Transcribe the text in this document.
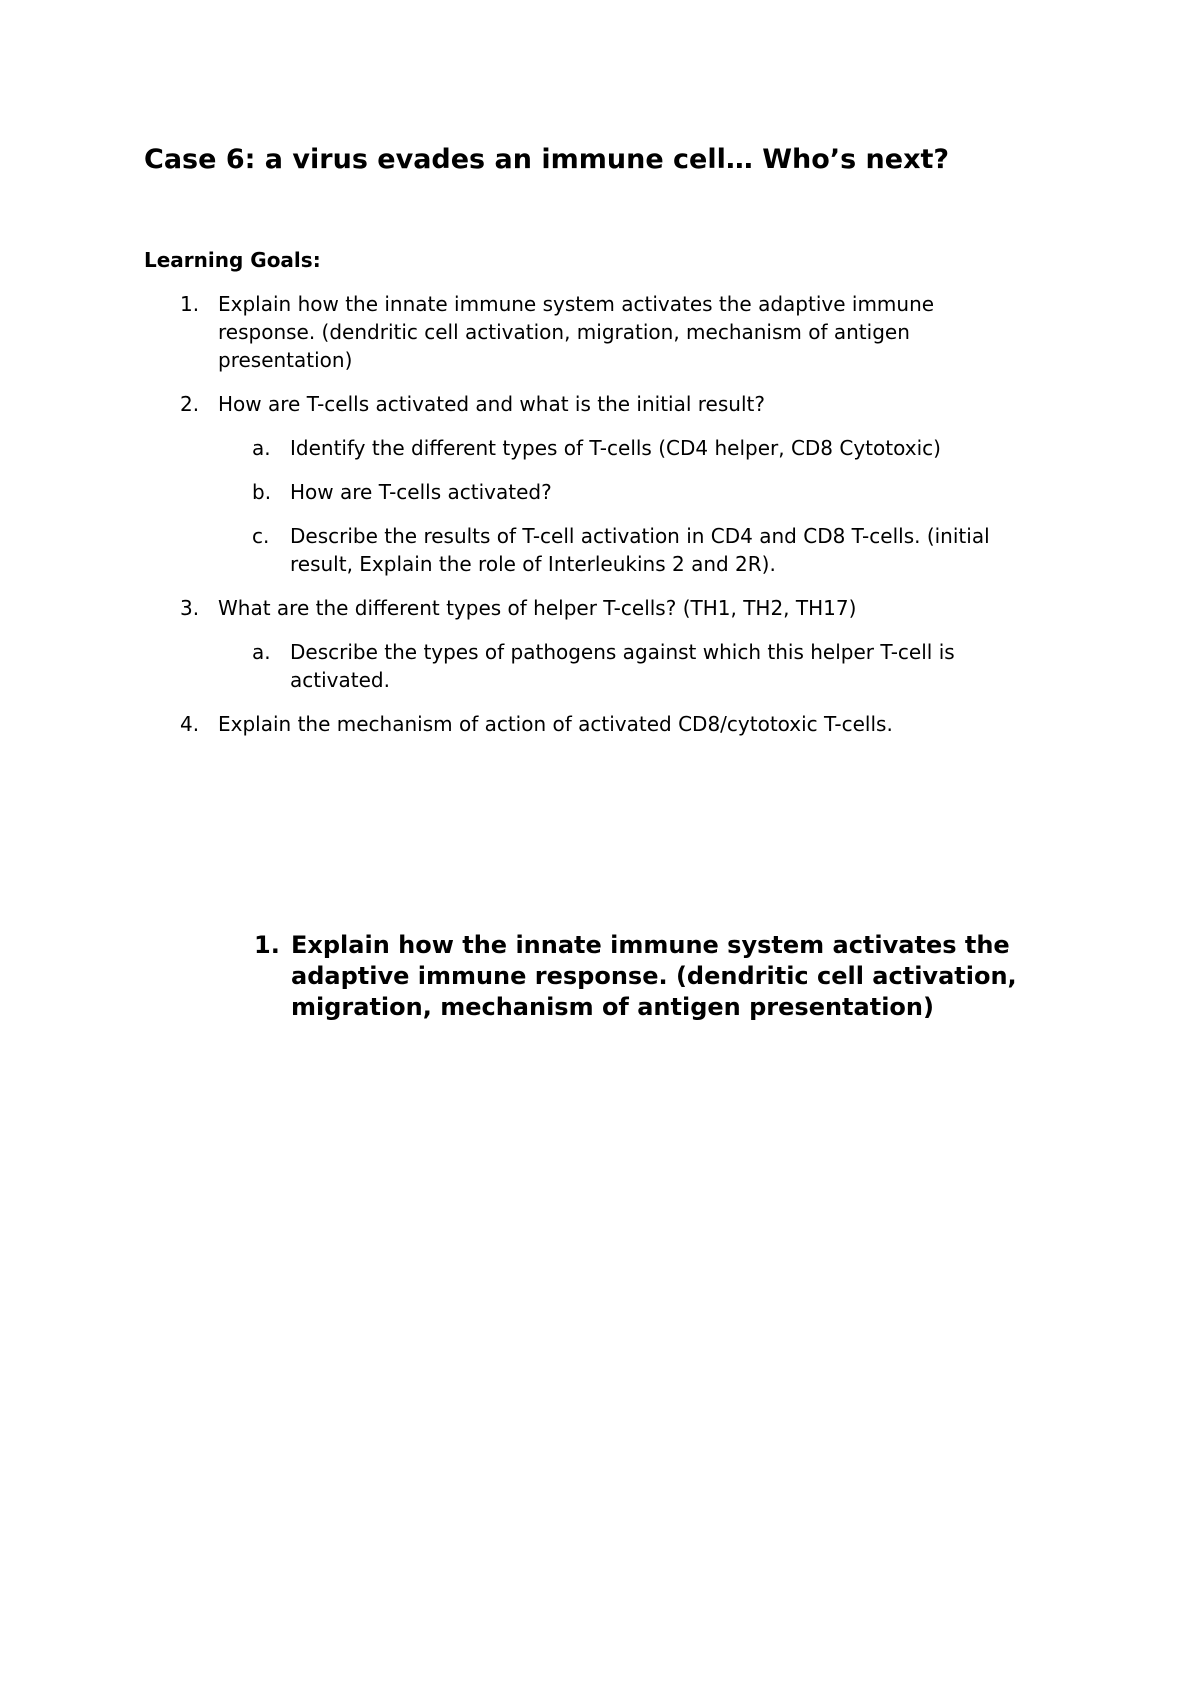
Case 6: a virus evades an immune cell… Who’s next?
Learning Goals:
1. Explain how the innate immune system activates the adaptive immune response. (dendritic cell activation, migration, mechanism of antigen presentation)
2. How are T-cells activated and what is the initial result?
a. Identify the different types of T-cells (CD4 helper, CD8 Cytotoxic)
b. How are T-cells activated?
c. Describe the results of T-cell activation in CD4 and CD8 T-cells. (initial result, Explain the role of Interleukins 2 and 2R).
3. What are the different types of helper T-cells? (TH1, TH2, TH17)
a. Describe the types of pathogens against which this helper T-cell is activated.
4. Explain the mechanism of action of activated CD8/cytotoxic T-cells.
1. Explain how the innate immune system activates the adaptive immune response. (dendritic cell activation, migration, mechanism of antigen presentation)
